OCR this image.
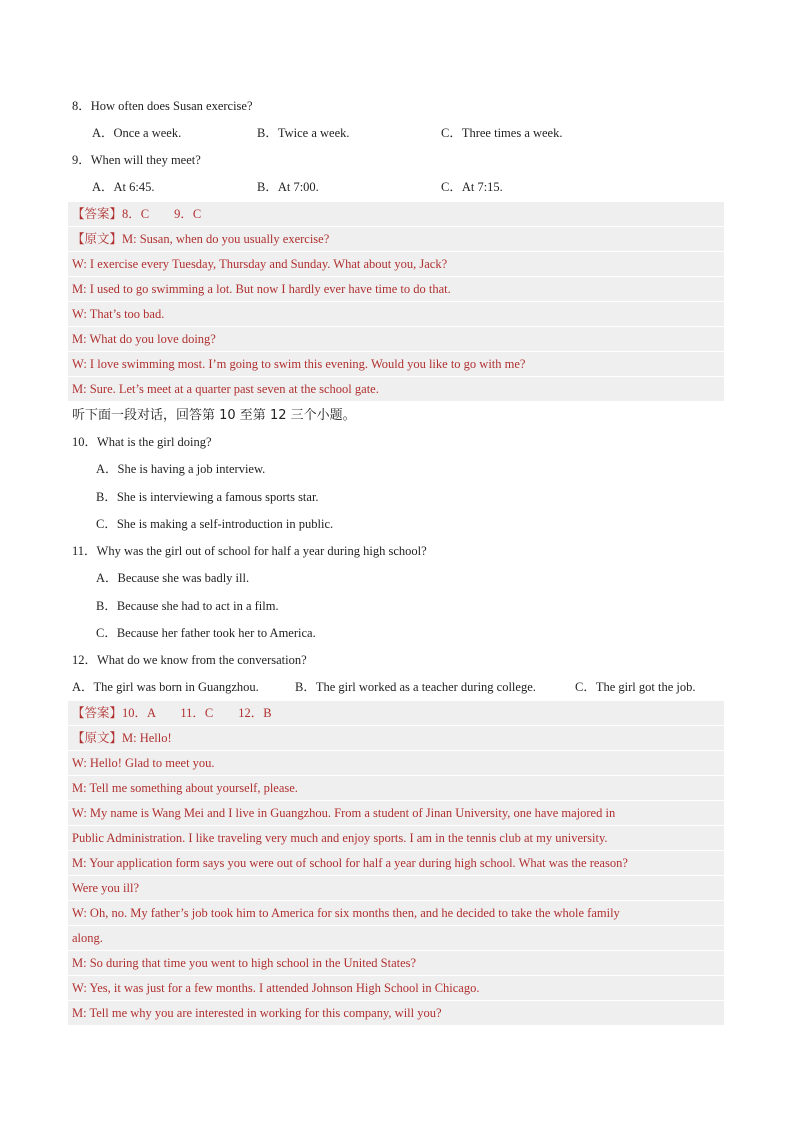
8．How often does Susan exercise?
A．Once a week.	B．Twice a week.	C．Three times a week.
9．When will they meet?
A．At 6:45.	B．At 7:00.	C．At 7:15.
【答案】8．C　　9．C
【原文】M: Susan, when do you usually exercise?
W: I exercise every Tuesday, Thursday and Sunday. What about you, Jack?
M: I used to go swimming a lot. But now I hardly ever have time to do that.
W: That’s too bad.
M: What do you love doing?
W: I love swimming most. I’m going to swim this evening. Would you like to go with me?
M: Sure. Let’s meet at a quarter past seven at the school gate.
听下面一段对话，回答第 10 至第 12 三个小题。
10．What is the girl doing?
A．She is having a job interview.
B．She is interviewing a famous sports star.
C．She is making a self-introduction in public.
11．Why was the girl out of school for half a year during high school?
A．Because she was badly ill.
B．Because she had to act in a film.
C．Because her father took her to America.
12．What do we know from the conversation?
A．The girl was born in Guangzhou.	B．The girl worked as a teacher during college.	C．The girl got the job.
【答案】10．A　　11．C　　12．B
【原文】M: Hello!
W: Hello! Glad to meet you.
M: Tell me something about yourself, please.
W: My name is Wang Mei and I live in Guangzhou. From a student of Jinan University, one have majored in
Public Administration. I like traveling very much and enjoy sports. I am in the tennis club at my university.
M: Your application form says you were out of school for half a year during high school. What was the reason?
Were you ill?
W: Oh, no. My father’s job took him to America for six months then, and he decided to take the whole family
along.
M: So during that time you went to high school in the United States?
W: Yes, it was just for a few months. I attended Johnson High School in Chicago.
M: Tell me why you are interested in working for this company, will you?
